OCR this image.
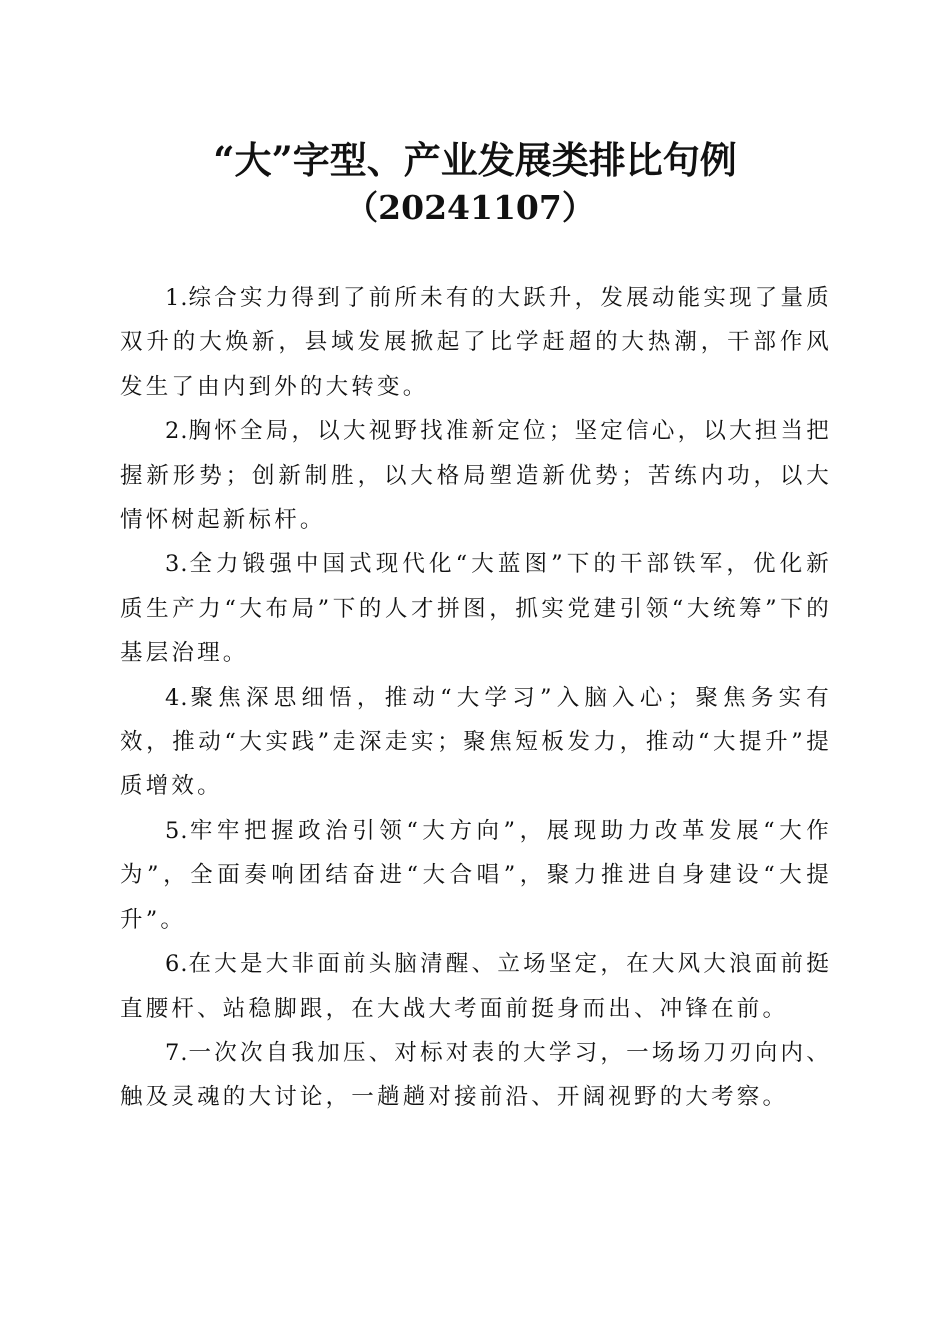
“大”字型、产业发展类排比句例
（20241107）

1.综合实力得到了前所未有的大跃升，发展动能实现了量质双升的大焕新，县域发展掀起了比学赶超的大热潮，干部作风发生了由内到外的大转变。

2.胸怀全局，以大视野找准新定位；坚定信心，以大担当把握新形势；创新制胜，以大格局塑造新优势；苦练内功，以大情怀树起新标杆。

3.全力锻强中国式现代化“大蓝图”下的干部铁军，优化新质生产力“大布局”下的人才拼图，抓实党建引领“大统筹”下的基层治理。

4.聚焦深思细悟，推动“大学习”入脑入心；聚焦务实有效，推动“大实践”走深走实；聚焦短板发力，推动“大提升”提质增效。

5.牢牢把握政治引领“大方向”，展现助力改革发展“大作为”，全面奏响团结奋进“大合唱”，聚力推进自身建设“大提升”。

6.在大是大非面前头脑清醒、立场坚定，在大风大浪面前挺直腰杆、站稳脚跟，在大战大考面前挺身而出、冲锋在前。

7.一次次自我加压、对标对表的大学习，一场场刀刃向内、触及灵魂的大讨论，一趟趟对接前沿、开阔视野的大考察。
